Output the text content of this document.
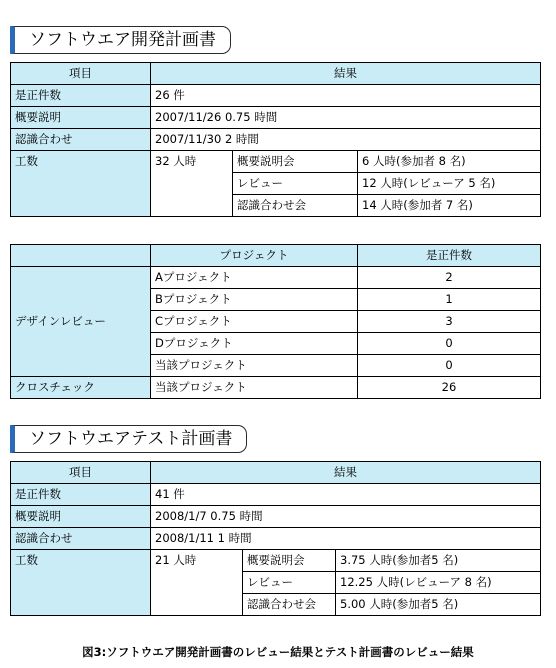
ソフトウエア開発計画書
項目	結果		
是正件数	26 件		
概要説明	2007/11/26 0.75 時間		
認識合わせ	2007/11/30 2 時間		
工数	32 人時	概要説明会	6 人時(参加者 8 名)
		レビュー	12 人時(レビューア 5 名)
		認識合わせ会	14 人時(参加者 7 名)
	プロジェクト	是正件数
デザインレビュー	Aプロジェクト	2
	Bプロジェクト	1
	Cプロジェクト	3
	Dプロジェクト	0
	当該プロジェクト	0
クロスチェック	当該プロジェクト	26
ソフトウエアテスト計画書
項目	結果		
是正件数	41 件		
概要説明	2008/1/7 0.75 時間		
認識合わせ	2008/1/11 1 時間		
工数	21 人時	概要説明会	3.75 人時(参加者5 名)
		レビュー	12.25 人時(レビューア 8 名)
		認識合わせ会	5.00 人時(参加者5 名)
図3:ソフトウエア開発計画書のレビュー結果とテスト計画書のレビュー結果
